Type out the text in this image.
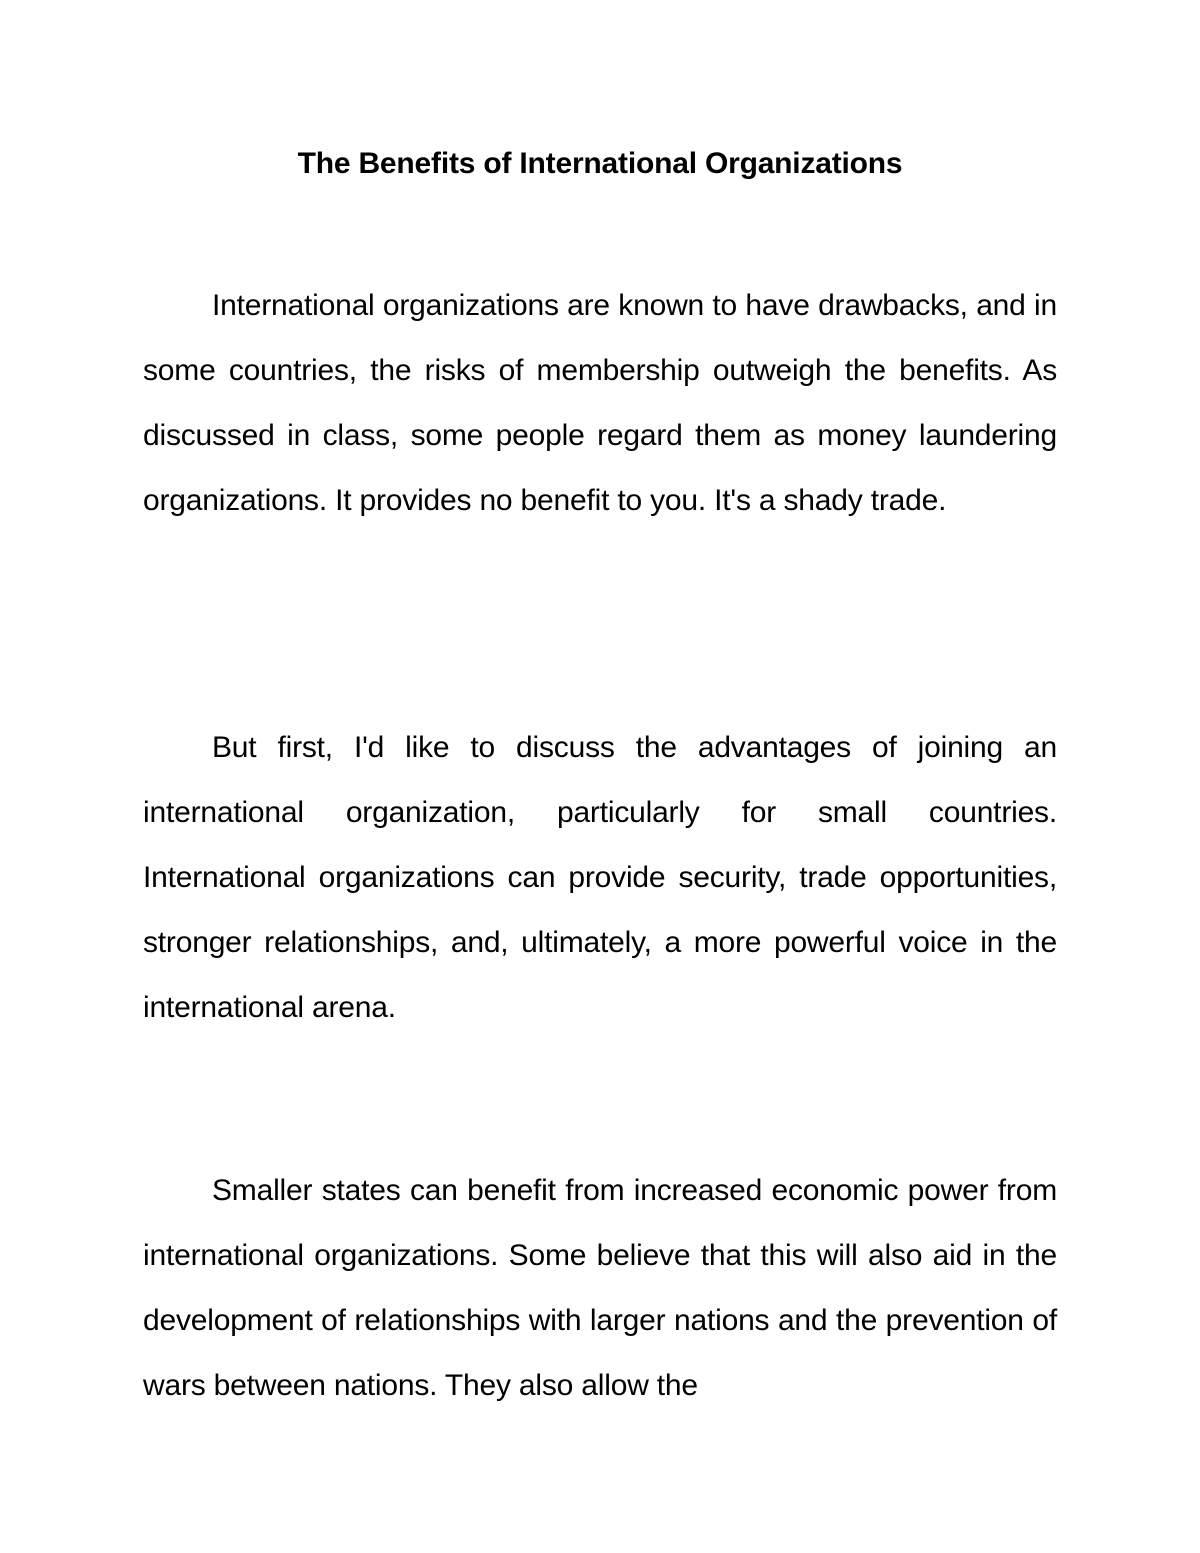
The Benefits of International Organizations

International organizations are known to have drawbacks, and in some countries, the risks of membership outweigh the benefits. As discussed in class, some people regard them as money laundering organizations. It provides no benefit to you. It's a shady trade.

But first, I'd like to discuss the advantages of joining an international organization, particularly for small countries. International organizations can provide security, trade opportunities, stronger relationships, and, ultimately, a more powerful voice in the international arena.

Smaller states can benefit from increased economic power from international organizations. Some believe that this will also aid in the development of relationships with larger nations and the prevention of wars between nations. They also allow the
